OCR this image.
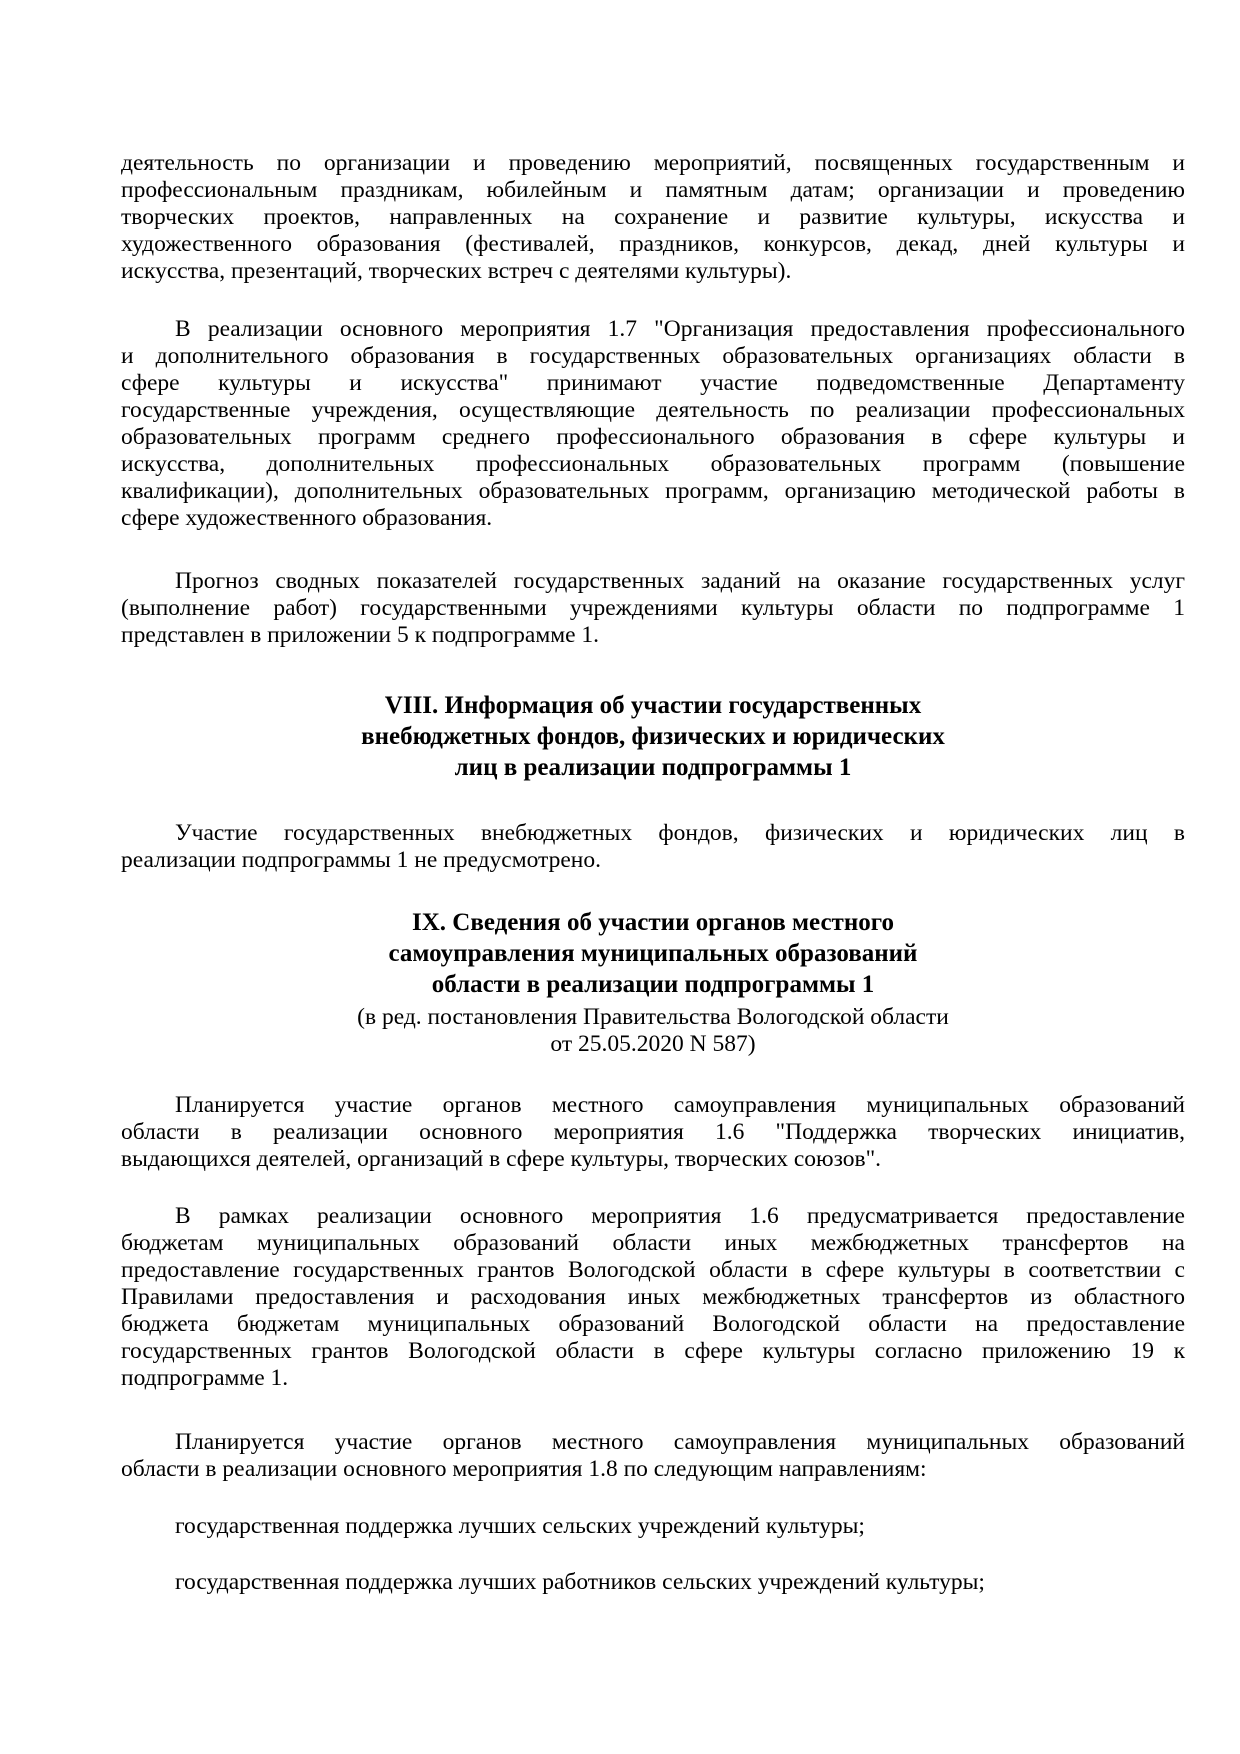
деятельность по организации и проведению мероприятий, посвященных государственным и
профессиональным праздникам, юбилейным и памятным датам; организации и проведению
творческих проектов, направленных на сохранение и развитие культуры, искусства и
художественного образования (фестивалей, праздников, конкурсов, декад, дней культуры и
искусства, презентаций, творческих встреч с деятелями культуры).
В реализации основного мероприятия 1.7 "Организация предоставления профессионального
и дополнительного образования в государственных образовательных организациях области в
сфере культуры и искусства" принимают участие подведомственные Департаменту
государственные учреждения, осуществляющие деятельность по реализации профессиональных
образовательных программ среднего профессионального образования в сфере культуры и
искусства, дополнительных профессиональных образовательных программ (повышение
квалификации), дополнительных образовательных программ, организацию методической работы в
сфере художественного образования.
Прогноз сводных показателей государственных заданий на оказание государственных услуг
(выполнение работ) государственными учреждениями культуры области по подпрограмме 1
представлен в приложении 5 к подпрограмме 1.
VIII. Информация об участии государственных
внебюджетных фондов, физических и юридических
лиц в реализации подпрограммы 1
Участие государственных внебюджетных фондов, физических и юридических лиц в
реализации подпрограммы 1 не предусмотрено.
IX. Сведения об участии органов местного
самоуправления муниципальных образований
области в реализации подпрограммы 1
(в ред. постановления Правительства Вологодской области
от 25.05.2020 N 587)
Планируется участие органов местного самоуправления муниципальных образований
области в реализации основного мероприятия 1.6 "Поддержка творческих инициатив,
выдающихся деятелей, организаций в сфере культуры, творческих союзов".
В рамках реализации основного мероприятия 1.6 предусматривается предоставление
бюджетам муниципальных образований области иных межбюджетных трансфертов на
предоставление государственных грантов Вологодской области в сфере культуры в соответствии с
Правилами предоставления и расходования иных межбюджетных трансфертов из областного
бюджета бюджетам муниципальных образований Вологодской области на предоставление
государственных грантов Вологодской области в сфере культуры согласно приложению 19 к
подпрограмме 1.
Планируется участие органов местного самоуправления муниципальных образований
области в реализации основного мероприятия 1.8 по следующим направлениям:
государственная поддержка лучших сельских учреждений культуры;
государственная поддержка лучших работников сельских учреждений культуры;
